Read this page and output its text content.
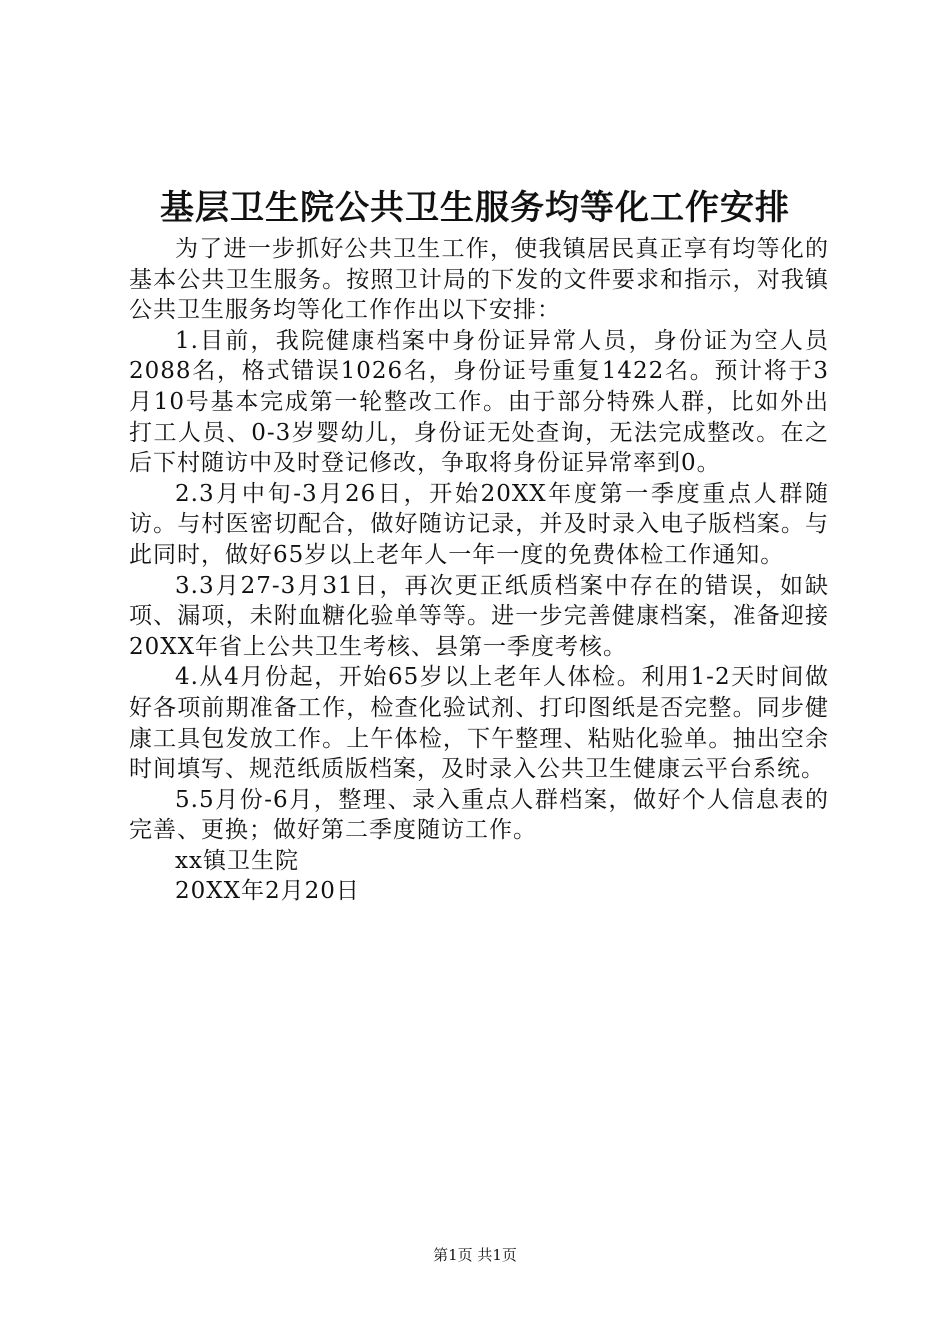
基层卫生院公共卫生服务均等化工作安排

为了进一步抓好公共卫生工作，使我镇居民真正享有均等化的基本公共卫生服务。按照卫计局的下发的文件要求和指示，对我镇公共卫生服务均等化工作作出以下安排：

1.目前，我院健康档案中身份证异常人员，身份证为空人员2088名，格式错误1026名，身份证号重复1422名。预计将于3月10号基本完成第一轮整改工作。由于部分特殊人群，比如外出打工人员、0-3岁婴幼儿，身份证无处查询，无法完成整改。在之后下村随访中及时登记修改，争取将身份证异常率到0。

2.3月中旬-3月26日，开始20XX年度第一季度重点人群随访。与村医密切配合，做好随访记录，并及时录入电子版档案。与此同时，做好65岁以上老年人一年一度的免费体检工作通知。

3.3月27-3月31日，再次更正纸质档案中存在的错误，如缺项、漏项，未附血糖化验单等等。进一步完善健康档案，准备迎接20XX年省上公共卫生考核、县第一季度考核。

4.从4月份起，开始65岁以上老年人体检。利用1-2天时间做好各项前期准备工作，检查化验试剂、打印图纸是否完整。同步健康工具包发放工作。上午体检，下午整理、粘贴化验单。抽出空余时间填写、规范纸质版档案，及时录入公共卫生健康云平台系统。

5.5月份-6月，整理、录入重点人群档案，做好个人信息表的完善、更换；做好第二季度随访工作。

xx镇卫生院

20XX年2月20日

第1页 共1页
